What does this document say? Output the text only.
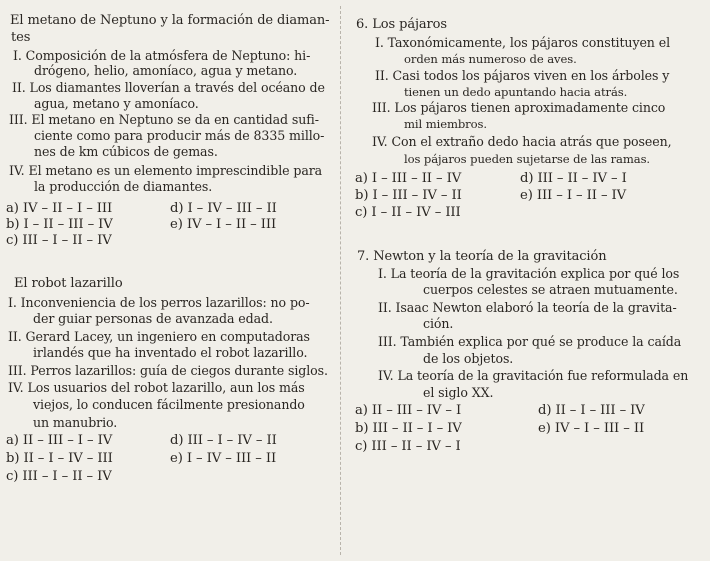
El metano de Neptuno y la formación de diaman-
tes
I. Composición de la atmósfera de Neptuno: hi-
drógeno, helio, amoníaco, agua y metano.
II. Los diamantes lloverían a través del océano de
agua, metano y amoníaco.
III. El metano en Neptuno se da en cantidad sufi-
ciente como para producir más de 8335 millo-
nes de km cúbicos de gemas.
IV. El metano es un elemento imprescindible para
la producción de diamantes.
a) IV – II – I – III	d) I – IV – III – II
b) I – II – III – IV	e) IV – I – II – III
c) III – I – II – IV
El robot lazarillo
I. Inconveniencia de los perros lazarillos: no po-
der guiar personas de avanzada edad.
II. Gerard Lacey, un ingeniero en computadoras
irlandés que ha inventado el robot lazarillo.
III. Perros lazarillos: guía de ciegos durante siglos.
IV. Los usuarios del robot lazarillo, aun los más
viejos, lo conducen fácilmente presionando
un manubrio.
a) II – III – I – IV	d) III – I – IV – II
b) II – I – IV – III	e) I – IV – III – II
c) III – I – II – IV
6. Los pájaros
I. Taxonómicamente, los pájaros constituyen el
orden más numeroso de aves.
II. Casi todos los pájaros viven en los árboles y
tienen un dedo apuntando hacia atrás.
III. Los pájaros tienen aproximadamente cinco
mil miembros.
IV. Con el extraño dedo hacia atrás que poseen,
los pájaros pueden sujetarse de las ramas.
a) I – III – II – IV	d) III – II – IV – I
b) I – III – IV – II	e) III – I – II – IV
c) I – II – IV – III
7. Newton y la teoría de la gravitación
I. La teoría de la gravitación explica por qué los
cuerpos celestes se atraen mutuamente.
II. Isaac Newton elaboró la teoría de la gravita-
ción.
III. También explica por qué se produce la caída
de los objetos.
IV. La teoría de la gravitación fue reformulada en
el siglo XX.
a) II – III – IV – I	d) II – I – III – IV
b) III – II – I – IV	e) IV – I – III – II
c) III – II – IV – I
